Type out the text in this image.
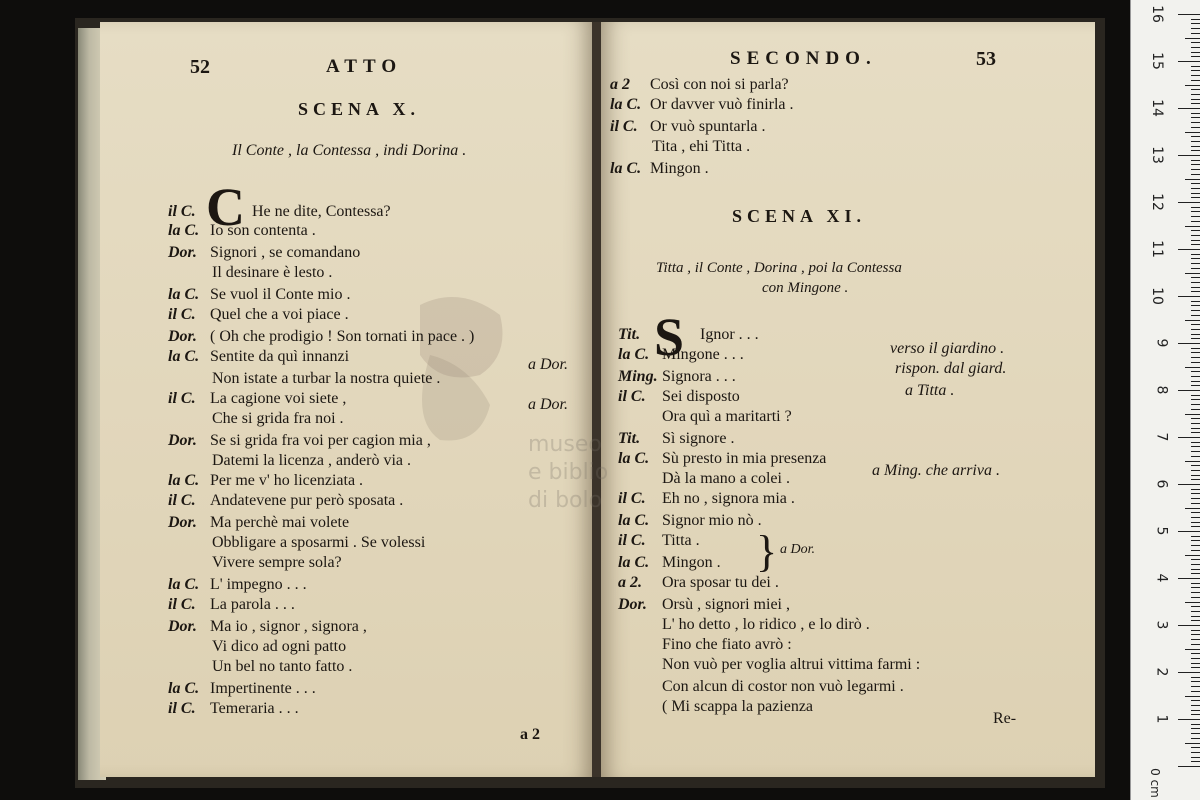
museo
e biblio
di bolo
52	ATTO
SCENA X.
Il Conte , la Contessa , indi Dorina .
C
il C.	He ne dite, Contessa?
la C. Io son contenta .
Dor. Signori , se comandano
Il desinare è lesto .
la C. Se vuol il Conte mio .
il C. Quel che a voi piace .
Dor. ( Oh che prodigio ! Son tornati in pace . )
la C. Sentite da quì innanzi	a Dor.
Non istate a turbar la nostra quiete .
il C. La cagione voi siete ,	a Dor.
Che si grida fra noi .
Dor. Se si grida fra voi per cagion mia ,
Datemi la licenza , anderò via .
la C. Per me v' ho licenziata .
il C. Andatevene pur però sposata .
Dor. Ma perchè mai volete
Obbligare a sposarmi . Se volessi
Vivere sempre sola?
la C. L' impegno . . .
il C. La parola . . .
Dor. Ma io , signor , signora ,
Vi dico ad ogni patto
Un bel no tanto fatto .
la C. Impertinente . . .
il C. Temeraria . . .
a 2
SECONDO.	53
a 2 Così con noi si parla?
la C. Or davver vuò finirla .
il C. Or vuò spuntarla .
Tita , ehi Titta .
la C. Mingon .
SCENA XI.
Titta , il Conte , Dorina , poi la Contessa
con Mingone .
S
Tit.	Ignor . . .
verso il giardino .
la C. Mingone . . .
rispon. dal giard.
Ming. Signora . . .
a Titta .
il C. Sei disposto
Ora quì a maritarti ?
Tit. Sì signore .
la C. Sù presto in mia presenza
Dà la mano a colei .	a Ming. che arriva .
il C. Eh no , signora mia .
la C. Signor mio nò .
il C. Titta .
la C. Mingon .
a 2. Ora sposar tu dei .
Dor. Orsù , signori miei ,
L' ho detto , lo ridico , e lo dirò .
Fino che fiato avrò :
Non vuò per voglia altrui vittima farmi :
Con alcun di costor non vuò legarmi .
( Mi scappa la pazienza
} a Dor.
Re-
0 cm
1
2
3
4
5
6
7
8
9
10
11
12
13
14
15
16
